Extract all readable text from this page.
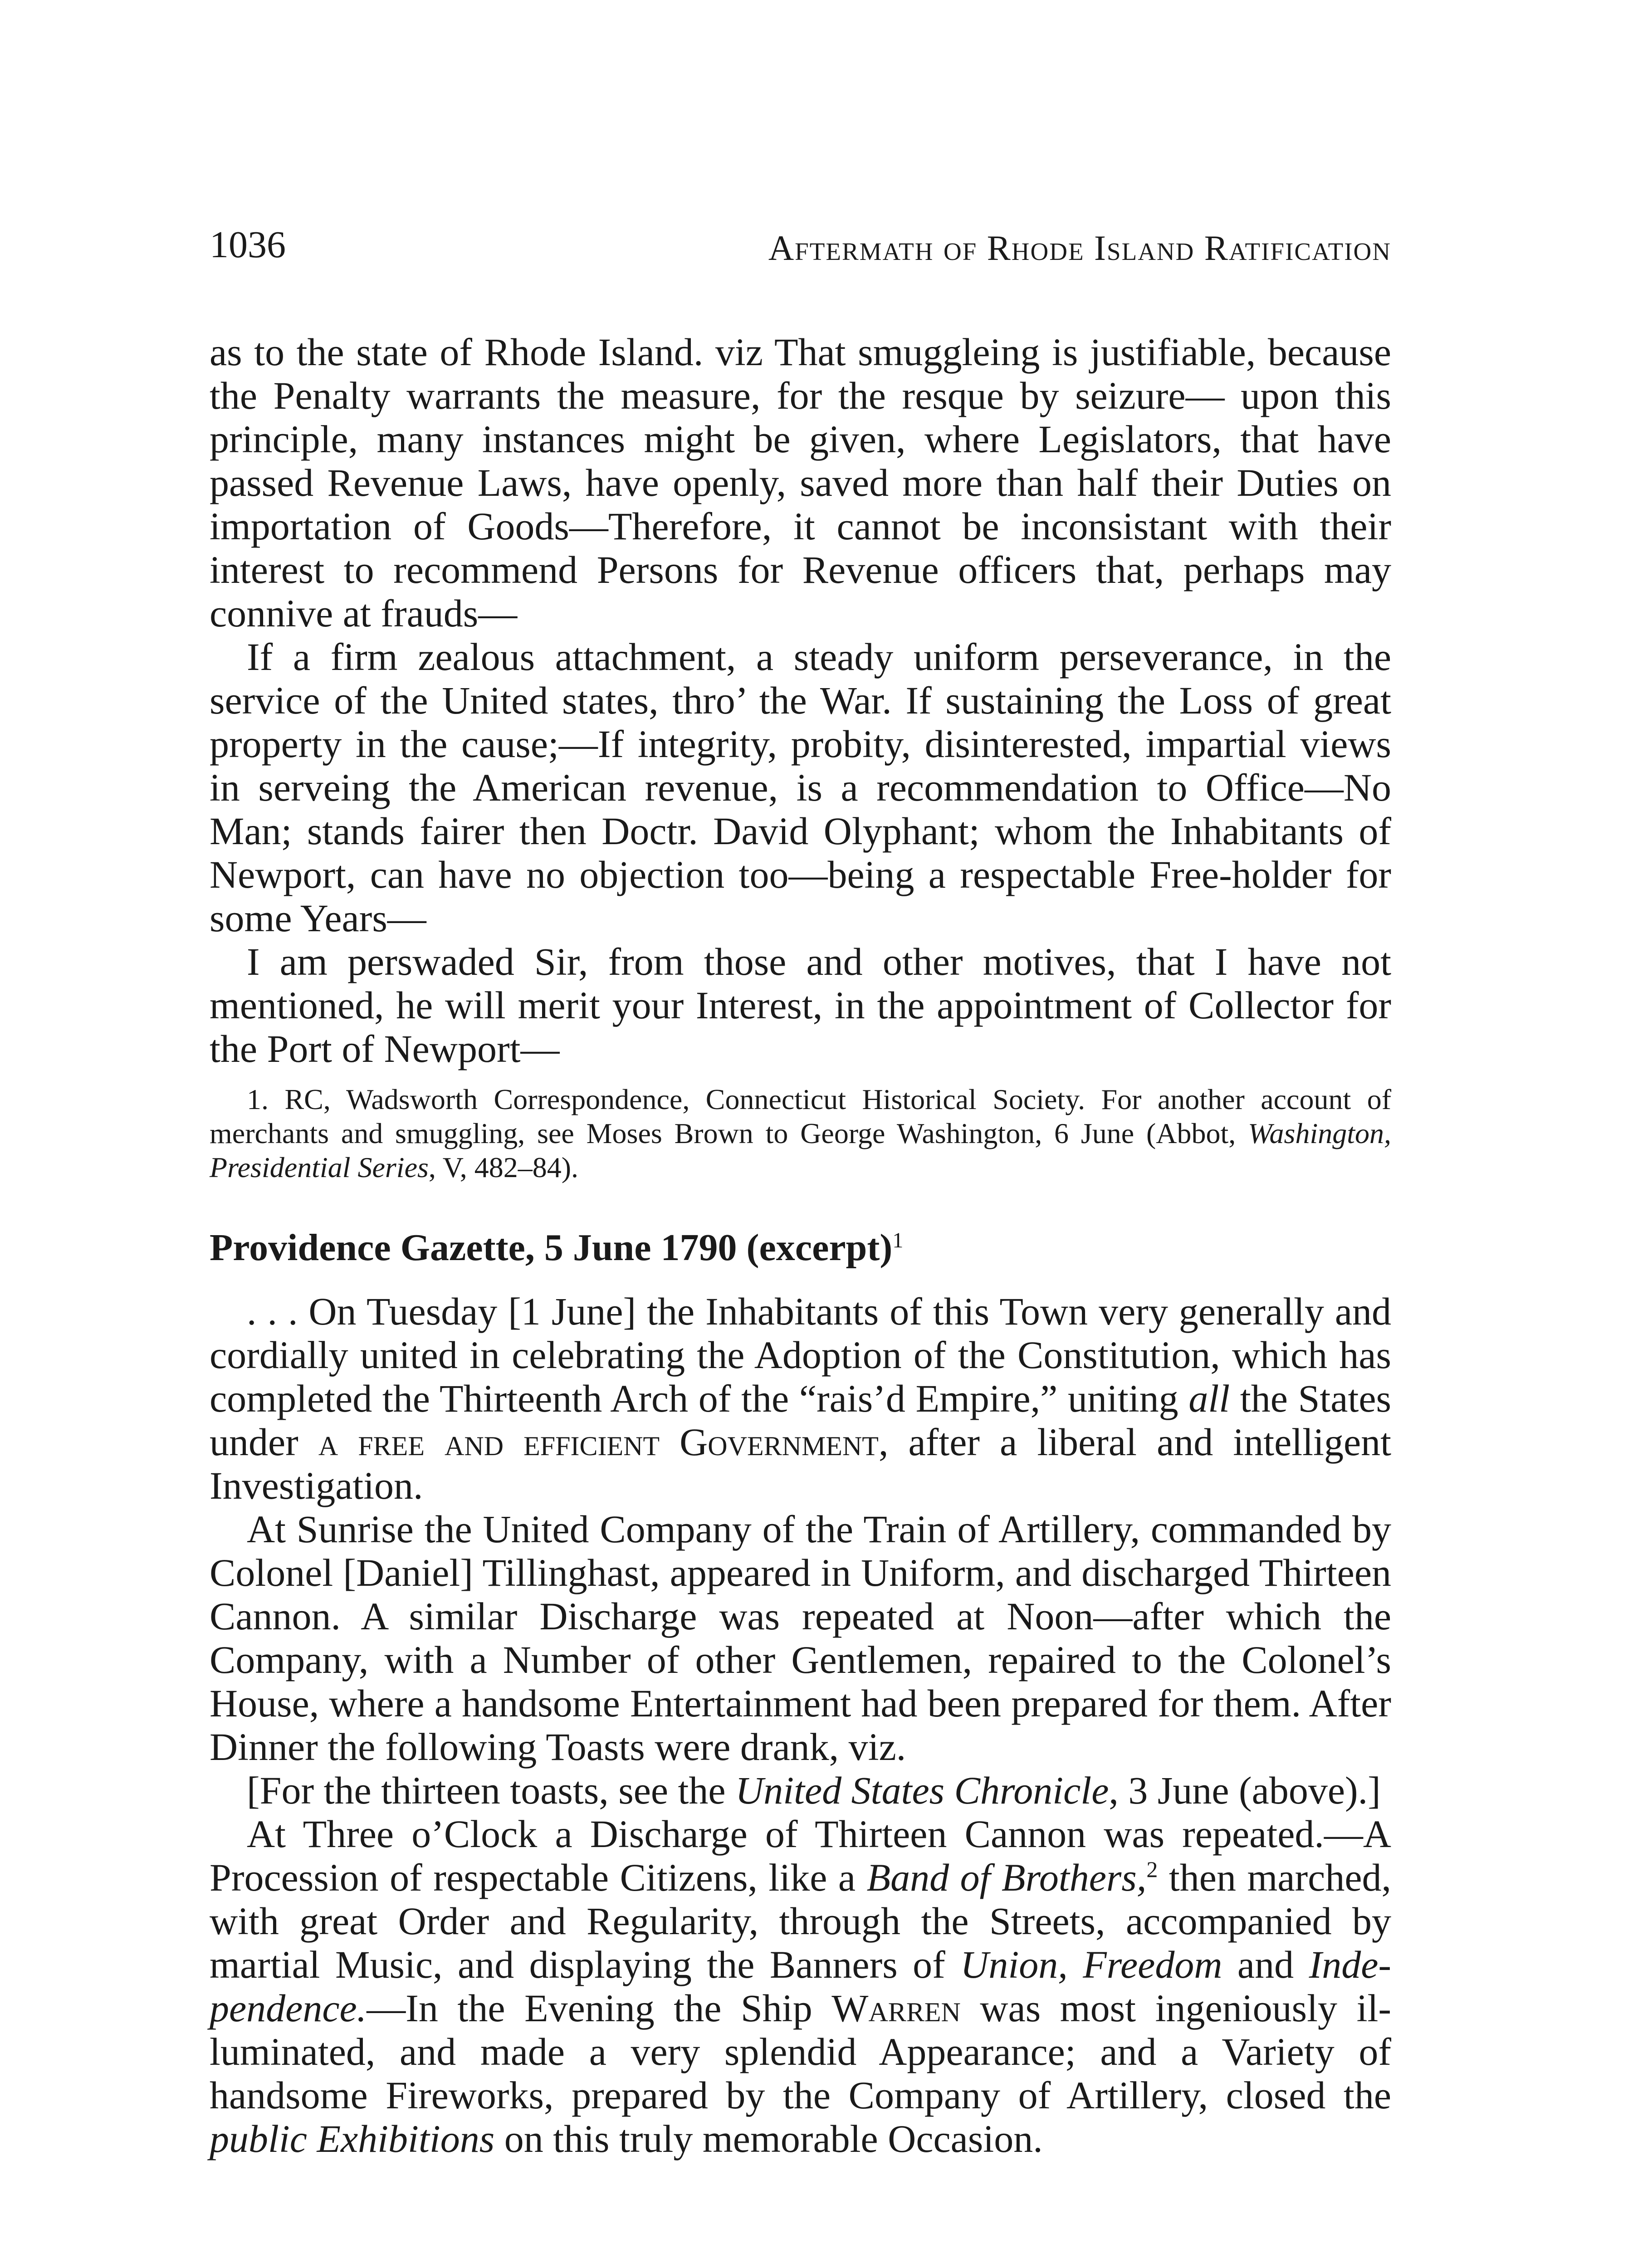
1036	Aftermath of Rhode Island Ratification

as to the state of Rhode Island. viz That smuggleing is justifiable, because the Penalty warrants the measure, for the resque by seizure— upon this principle, many instances might be given, where Legislators, that have passed Revenue Laws, have openly, saved more than half their Duties on importation of Goods—Therefore, it cannot be inconsistant with their interest to recommend Persons for Revenue officers that, perhaps may connive at frauds—

If a firm zealous attachment, a steady uniform perseverance, in the service of the United states, thro’ the War. If sustaining the Loss of great property in the cause;—If integrity, probity, disinterested, impartial views in serveing the American revenue, is a recommendation to Office—No Man; stands fairer then Doctr. David Olyphant; whom the Inhabitants of Newport, can have no objection too—being a respectable Free-holder for some Years—

I am perswaded Sir, from those and other motives, that I have not mentioned, he will merit your Interest, in the appointment of Collector for the Port of Newport—

1. RC, Wadsworth Correspondence, Connecticut Historical Society. For another account of merchants and smuggling, see Moses Brown to George Washington, 6 June (Abbot, Washington, Presidential Series, V, 482–84).

Providence Gazette, 5 June 1790 (excerpt)$^1$

. . . On Tuesday [1 June] the Inhabitants of this Town very generally and cordially united in celebrating the Adoption of the Constitution, which has completed the Thirteenth Arch of the “rais’d Empire,” uniting all the States under a free and efficient Government, after a liberal and intelligent Investigation.

At Sunrise the United Company of the Train of Artillery, commanded by Colonel [Daniel] Tillinghast, appeared in Uniform, and discharged Thirteen Cannon. A similar Discharge was repeated at Noon—after which the Company, with a Number of other Gentlemen, repaired to the Colonel’s House, where a handsome Entertainment had been prepared for them. After Dinner the following Toasts were drank, viz.

[For the thirteen toasts, see the United States Chronicle, 3 June (above).]

At Three o’Clock a Discharge of Thirteen Cannon was repeated.—A Procession of respectable Citizens, like a Band of Brothers,$^2$ then marched, with great Order and Regularity, through the Streets, accompanied by martial Music, and displaying the Banners of Union, Freedom and Independence.—In the Evening the Ship Warren was most ingeniously illuminated, and made a very splendid Appearance; and a Variety of handsome Fireworks, prepared by the Company of Artillery, closed the public Exhibitions on this truly memorable Occasion.
